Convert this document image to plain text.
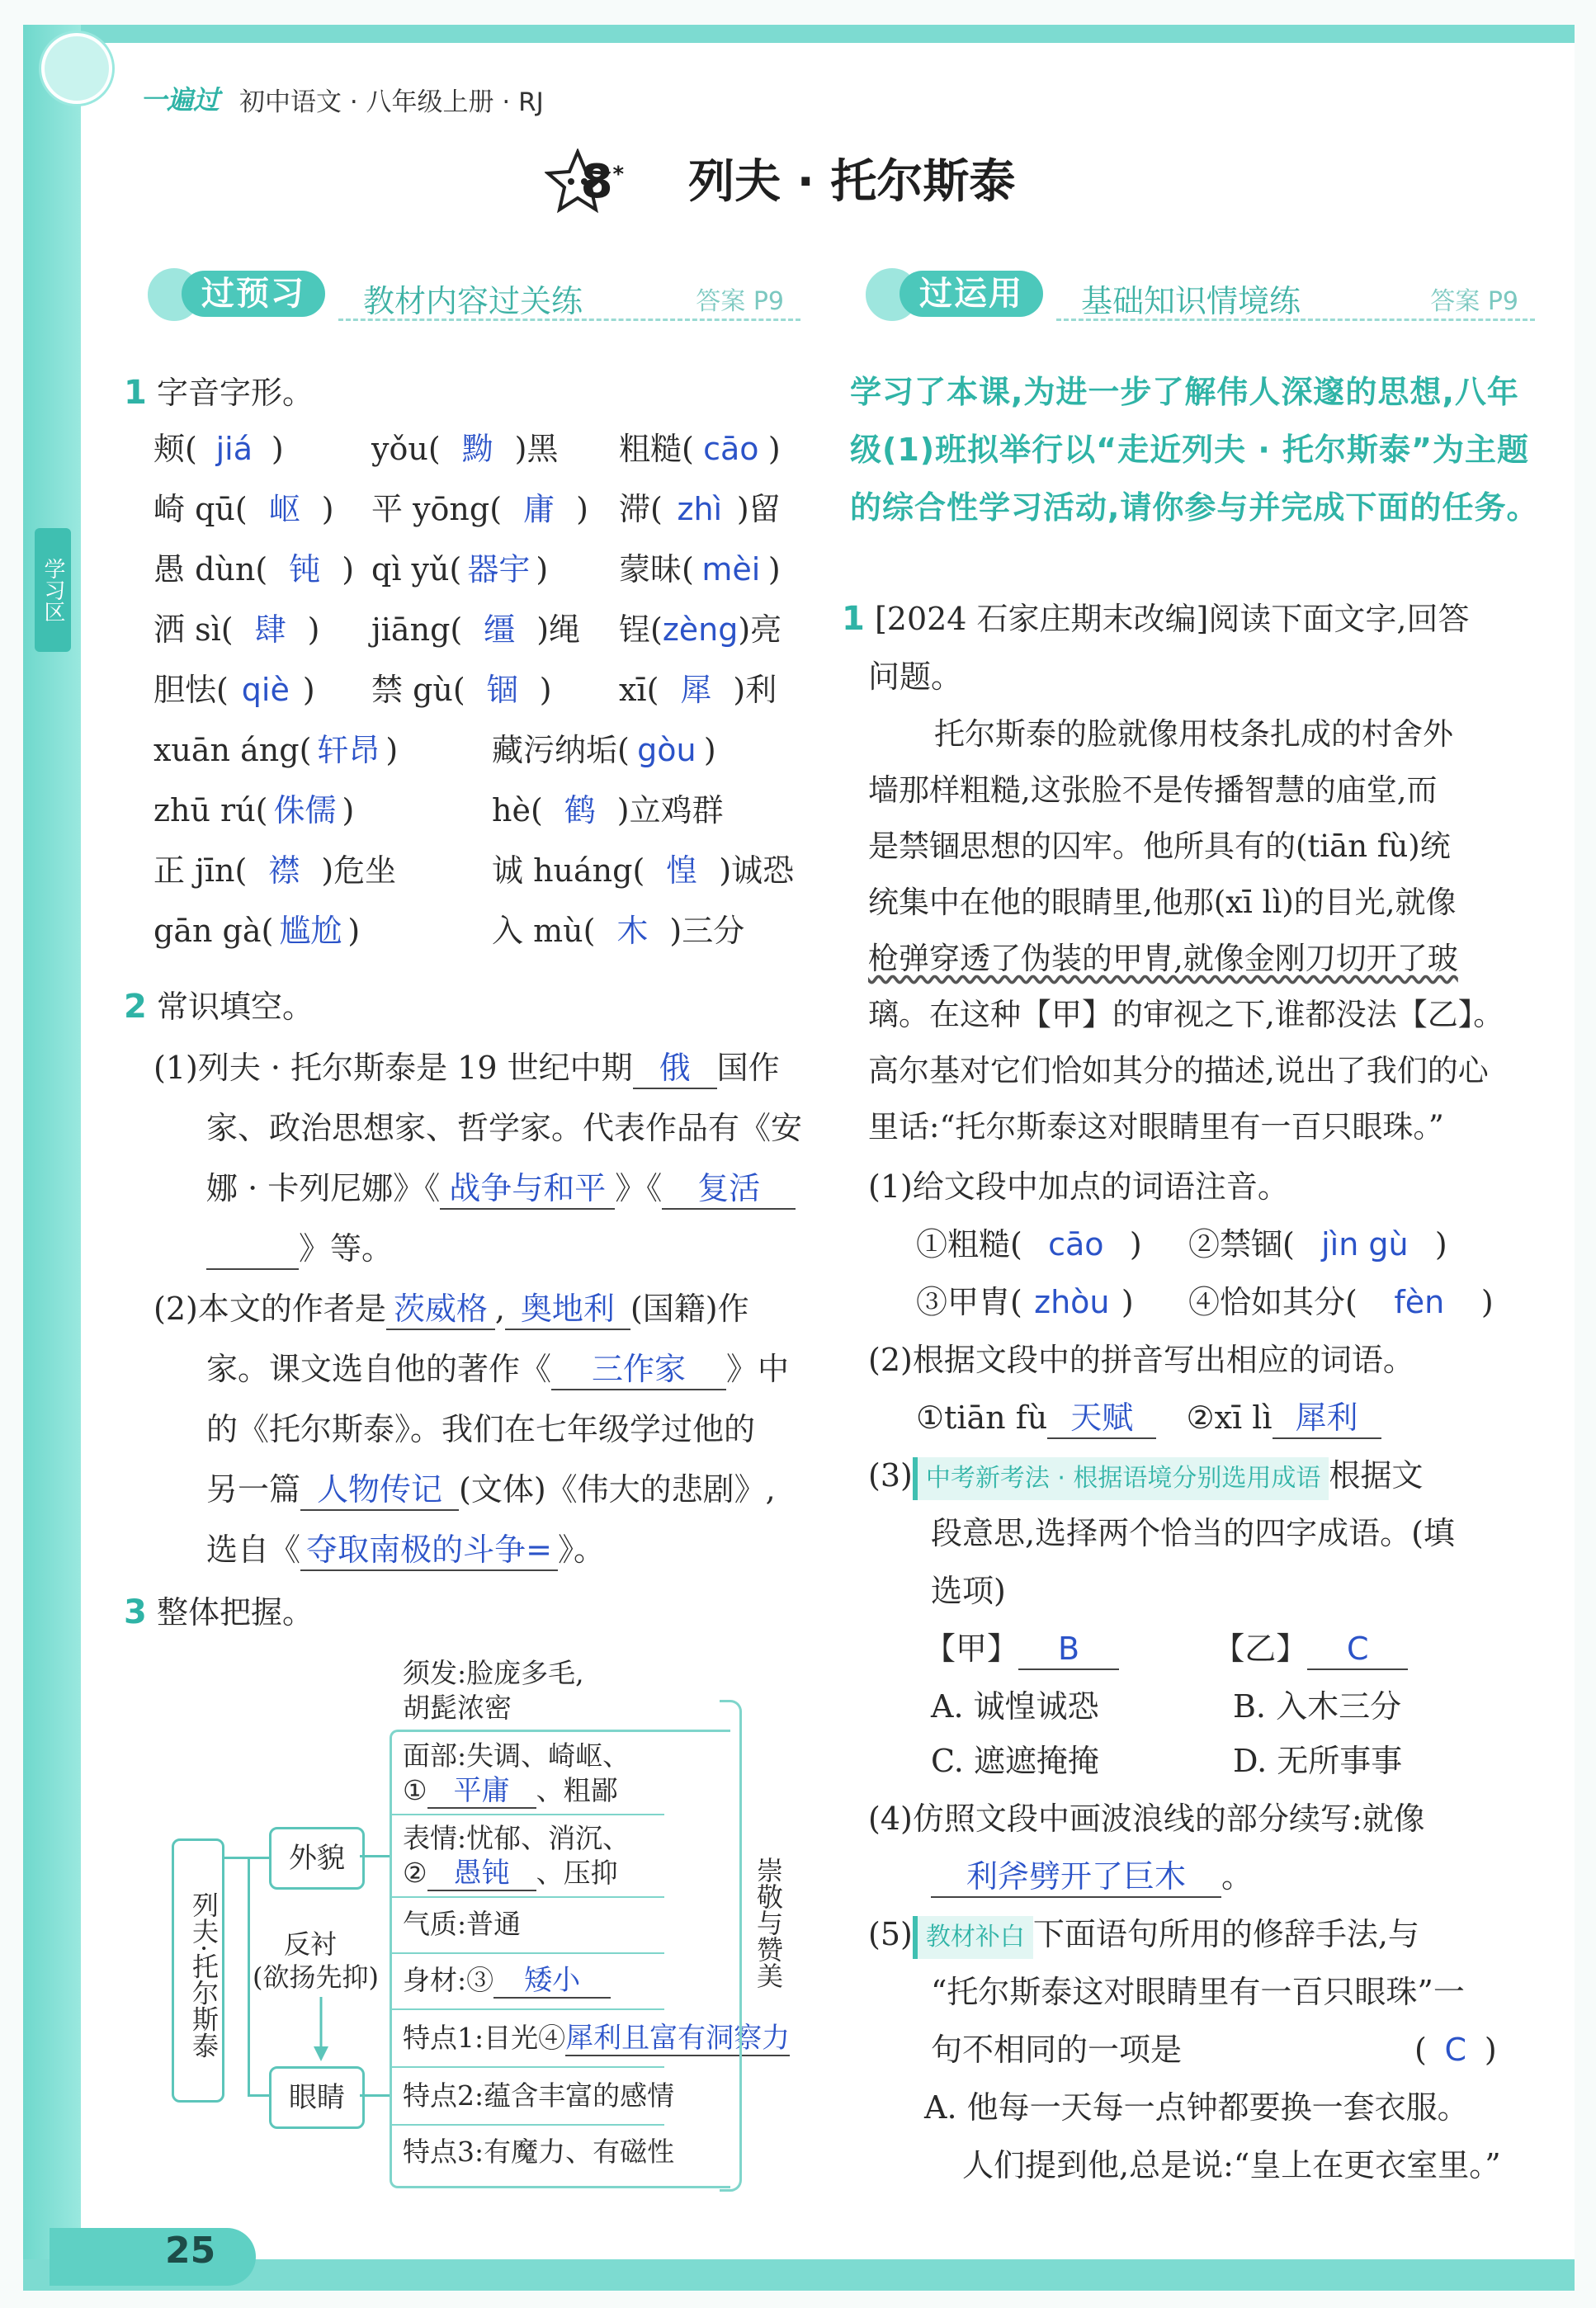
学习区
25
一遍过 初中语文 · 八年级上册 · RJ
8* 列夫 · 托尔斯泰
过预习	教材内容过关练	答案 P9	过运用	基础知识情境练	答案 P9
1 字音字形。
颊( jiá )	yǒu( 黝 )黑 粗糙( cāo )
崎 qū( 岖 ) 平 yōng( 庸 ) 滞( zhì )留
愚 dùn( 钝 ) qì yǔ( 器宇 ) 蒙昧( mèi )
洒 sì( 肆 ) jiāng( 缰 )绳 锃(zèng)亮
胆怯( qiè ) 禁 gù( 锢 ) xī( 犀 )利
xuān áng( 轩昂 )	藏污纳垢( gòu )
zhū rú( 侏儒 )	hè( 鹤 )立鸡群
正 jīn( 襟 )危坐	诚 huáng( 惶 )诚恐
gān gà( 尴尬 )	入 mù( 木 )三分
2 常识填空。
(1)列夫 · 托尔斯泰是 19 世纪中期 俄 国作
家、政治思想家、哲学家。代表作品有《安
娜 · 卡列尼娜》《 战争与和平 》《 复活
》等。
(2)本文的作者是 茨威格 , 奥地利 (国籍)作
家。课文选自他的著作《 三作家 》中
的《托尔斯泰》。我们在七年级学过他的
另一篇 人物传记 (文体)《伟大的悲剧》,
选自《 夺取南极的斗争= 》。
3 整体把握。
列夫·托尔斯泰
外貌
眼睛
反衬
(欲扬先抑)
须发:脸庞多毛,
胡髭浓密
面部:失调、崎岖、
① 平庸 、粗鄙
表情:忧郁、消沉、
② 愚钝 、压抑
气质:普通
身材:③ 矮小
特点1:目光④犀利且富有洞察力
特点2:蕴含丰富的感情
特点3:有魔力、有磁性
崇敬与赞美
学习了本课,为进一步了解伟人深邃的思想,八年级(1)班拟举行以“走近列夫 · 托尔斯泰”为主题的综合性学习活动,请你参与并完成下面的任务。
1 [2024 石家庄期末改编]阅读下面文字,回答
问题。
托尔斯泰的脸就像用枝条扎成的村舍外
墙那样粗糙,这张脸不是传播智慧的庙堂,而
是禁锢思想的囚牢。他所具有的(tiān fù)统
统集中在他的眼睛里,他那(xī lì)的目光,就像
枪弹穿透了伪装的甲胄,就像金刚刀切开了玻
璃。在这种【甲】的审视之下,谁都没法【乙】。
高尔基对它们恰如其分的描述,说出了我们的心
里话:“托尔斯泰这对眼睛里有一百只眼珠。”
(1)给文段中加点的词语注音。
①粗糙( cāo ) ②禁锢( jìn gù )
③甲胄( zhòu ) ④恰如其分( fèn )
(2)根据文段中的拼音写出相应的词语。
①tiān fù 天赋 ②xī lì 犀利
(3) 中考新考法 · 根据语境分别选用成语 根据文
段意思,选择两个恰当的四字成语。(填
选项)
【甲】 B	【乙】 C
A. 诚惶诚恐	B. 入木三分
C. 遮遮掩掩	D. 无所事事
(4)仿照文段中画波浪线的部分续写:就像
利斧劈开了巨木 。
(5) 教材补白 下面语句所用的修辞手法,与
“托尔斯泰这对眼睛里有一百只眼珠”一
句不相同的一项是	( C )
A. 他每一天每一点钟都要换一套衣服。
人们提到他,总是说:“皇上在更衣室里。”
